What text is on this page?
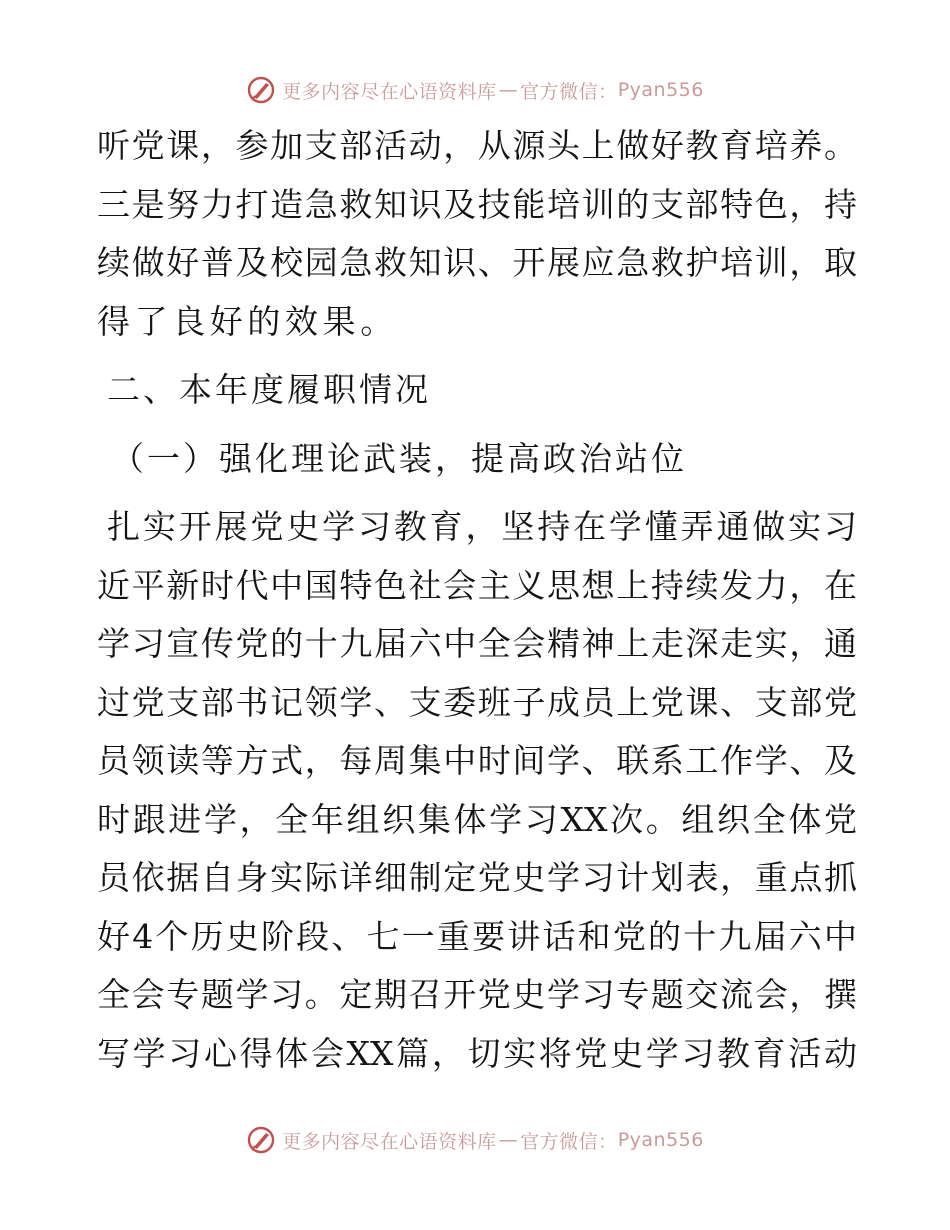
更多内容尽在心语资料库 — 官方微信： Pyan556
听党课，参加支部活动，从源头上做好教育培养。
三是努力打造急救知识及技能培训的支部特色，持
续做好普及校园急救知识、开展应急救护培训，取
得了良好的效果。
二、本年度履职情况
（一）强化理论武装，提高政治站位
扎实开展党史学习教育，坚持在学懂弄通做实习
近平新时代中国特色社会主义思想上持续发力，在
学习宣传党的十九届六中全会精神上走深走实，通
过党支部书记领学、支委班子成员上党课、支部党
员领读等方式，每周集中时间学、联系工作学、及
时跟进学，全年组织集体学习XX次。组织全体党
员依据自身实际详细制定党史学习计划表，重点抓
好4个历史阶段、七一重要讲话和党的十九届六中
全会专题学习。定期召开党史学习专题交流会，撰
写学习心得体会XX篇，切实将党史学习教育活动
更多内容尽在心语资料库 — 官方微信： Pyan556
